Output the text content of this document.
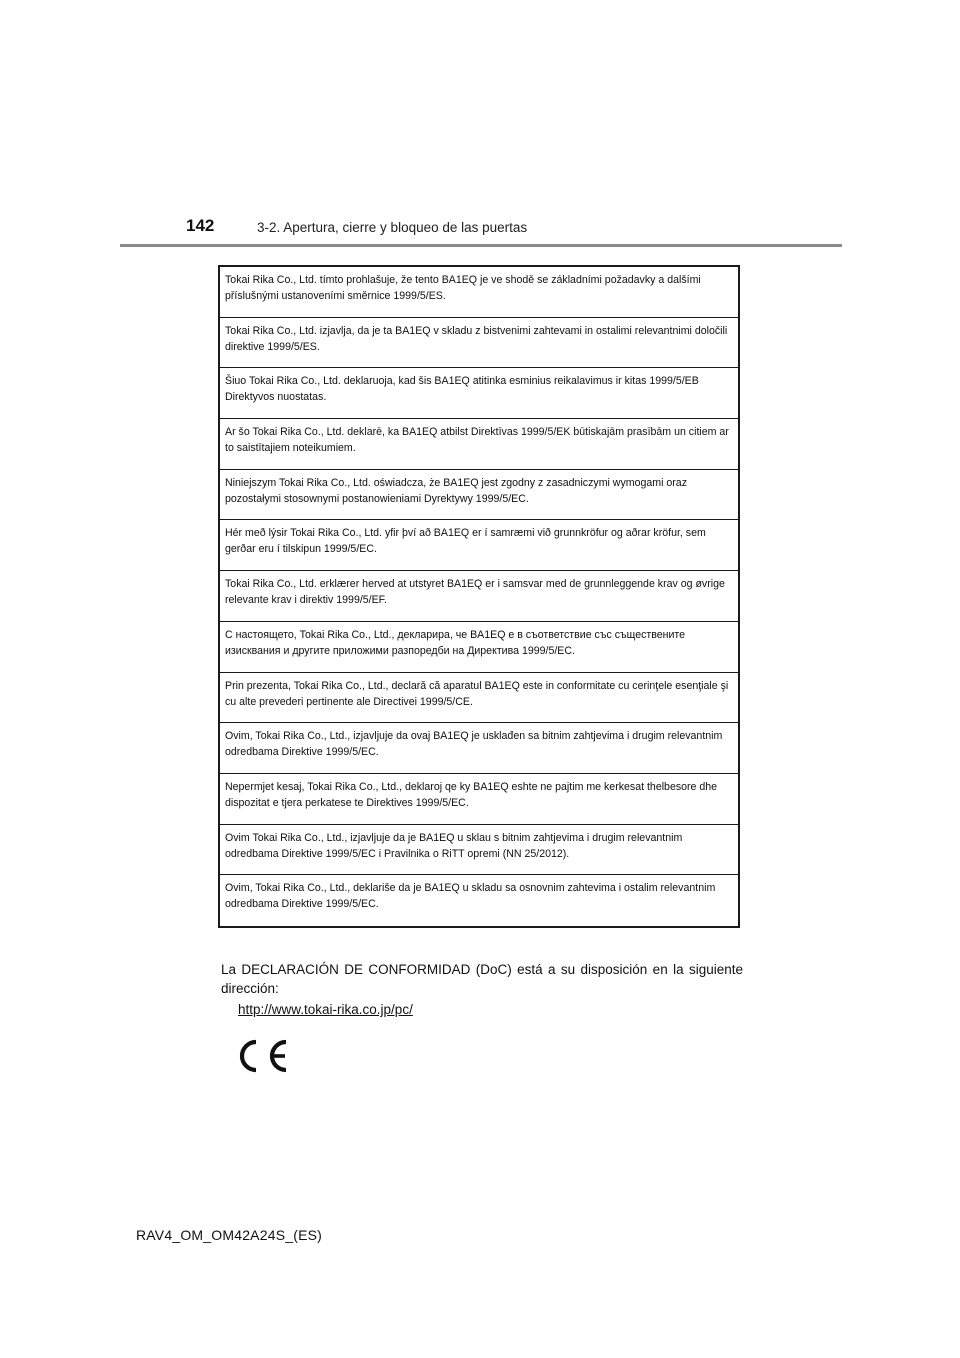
142	3-2. Apertura, cierre y bloqueo de las puertas
Tokai Rika Co., Ltd. tímto prohlašuje, že tento BA1EQ je ve shodě se základními požadavky a dalšími příslušnými ustanoveními směrnice 1999/5/ES.
Tokai Rika Co., Ltd. izjavlja, da je ta BA1EQ v skladu z bistvenimi zahtevami in ostalimi relevantnimi določili direktive 1999/5/ES.
Šiuo Tokai Rika Co., Ltd. deklaruoja, kad šis BA1EQ atitinka esminius reikalavimus ir kitas 1999/5/EB Direktyvos nuostatas.
Ar šo Tokai Rika Co., Ltd. deklarē, ka BA1EQ atbilst Direktīvas 1999/5/EK būtiskajām prasībām un citiem ar to saistītajiem noteikumiem.
Niniejszym Tokai Rika Co., Ltd. oświadcza, że BA1EQ jest zgodny z zasadniczymi wymogami oraz pozostałymi stosownymi postanowieniami Dyrektywy 1999/5/EC.
Hér með lýsir Tokai Rika Co., Ltd. yfir því að BA1EQ er í samræmi við grunnkröfur og aðrar kröfur, sem gerðar eru í tilskipun 1999/5/EC.
Tokai Rika Co., Ltd. erklærer herved at utstyret BA1EQ er i samsvar med de grunnleggende krav og øvrige relevante krav i direktiv 1999/5/EF.
С настоящето, Tokai Rika Co., Ltd., декларира, че BA1EQ е в съответствие със съществените изисквания и другите приложими разпоредби на Директива 1999/5/EC.
Prin prezenta, Tokai Rika Co., Ltd., declară că aparatul BA1EQ este in conformitate cu cerinţele esenţiale şi cu alte prevederi pertinente ale Directivei 1999/5/CE.
Ovim, Tokai Rika Co., Ltd., izjavljuje da ovaj BA1EQ je usklađen sa bitnim zahtjevima i drugim relevantnim odredbama Direktive 1999/5/EC.
Nepermjet kesaj, Tokai Rika Co., Ltd., deklaroj qe ky BA1EQ eshte ne pajtim me kerkesat thelbesore dhe dispozitat e tjera perkatese te Direktives 1999/5/EC.
Ovim Tokai Rika Co., Ltd., izjavljuje da je BA1EQ u sklau s bitnim zahtjevima i drugim relevantnim odredbama Direktive 1999/5/EC i Pravilnika o RiTT opremi (NN 25/2012).
Ovim, Tokai Rika Co., Ltd., deklariše da je BA1EQ u skladu sa osnovnim zahtevima i ostalim relevantnim odredbama Direktive 1999/5/EC.
La DECLARACIÓN DE CONFORMIDAD (DoC) está a su disposición en la siguiente dirección:
http://www.tokai-rika.co.jp/pc/
RAV4_OM_OM42A24S_(ES)
